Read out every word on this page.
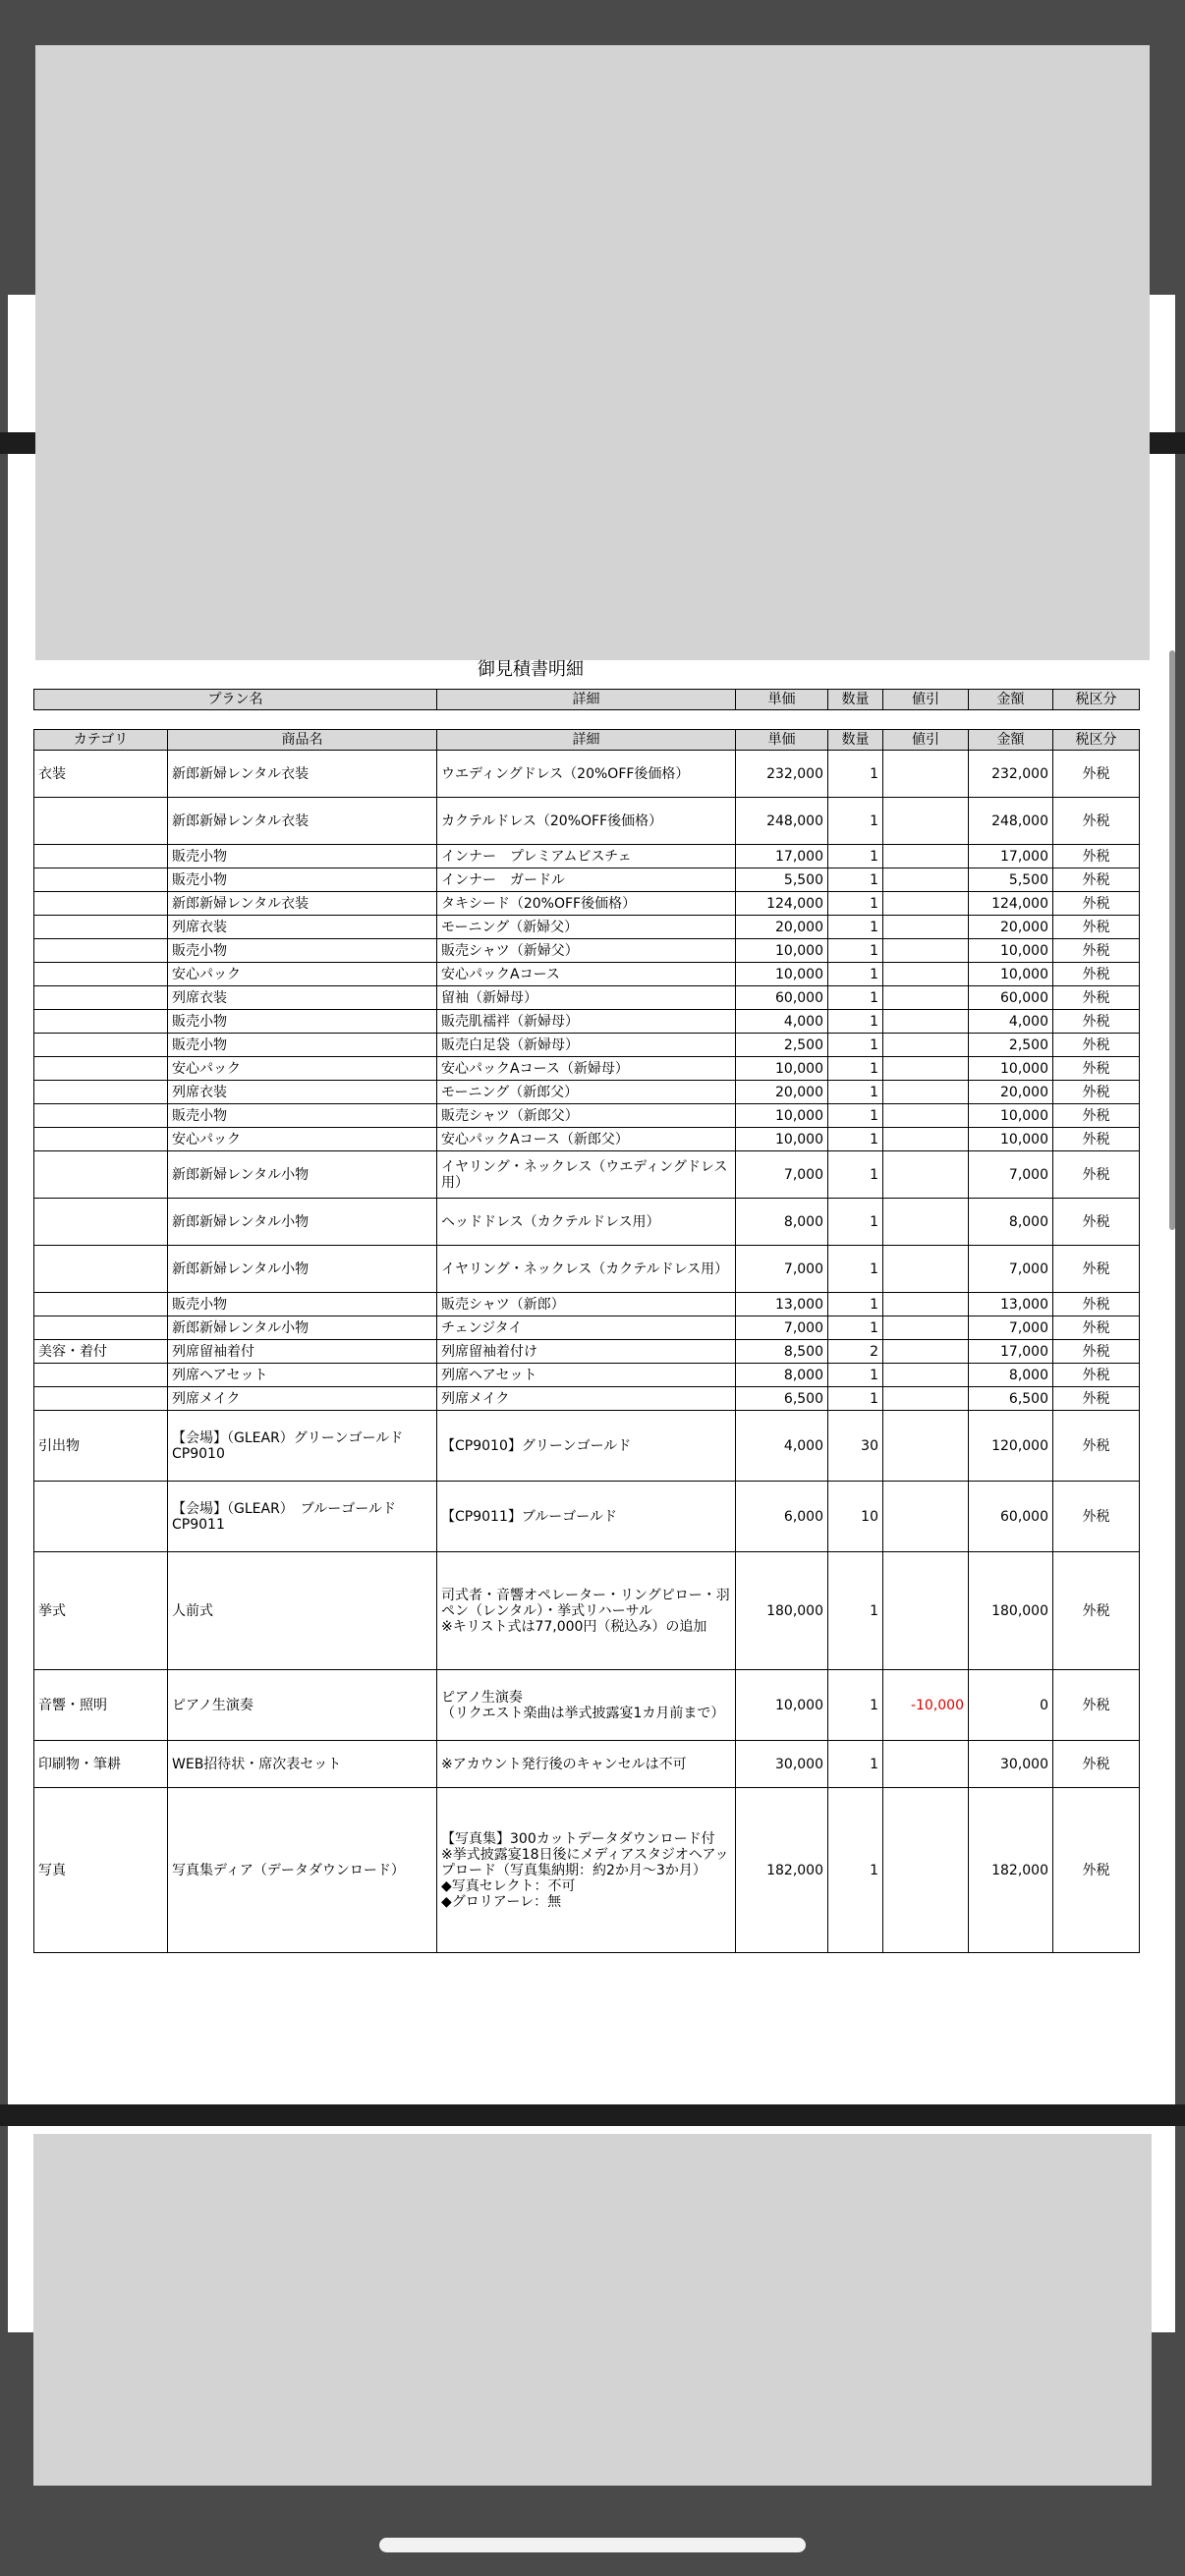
御見積書明細
プラン名	詳細	単価	数量	値引	金額	税区分
カテゴリ	商品名	詳細	単価	数量	値引	金額	税区分
衣装	新郎新婦レンタル衣装	ウエディングドレス（20%OFF後価格）	232,000	1		232,000	外税
	新郎新婦レンタル衣装	カクテルドレス（20%OFF後価格）	248,000	1		248,000	外税
	販売小物	インナー　プレミアムビスチェ	17,000	1		17,000	外税
	販売小物	インナー　ガードル	5,500	1		5,500	外税
	新郎新婦レンタル衣装	タキシード（20%OFF後価格）	124,000	1		124,000	外税
	列席衣装	モーニング（新婦父）	20,000	1		20,000	外税
	販売小物	販売シャツ（新婦父）	10,000	1		10,000	外税
	安心パック	安心パックAコース	10,000	1		10,000	外税
	列席衣装	留袖（新婦母）	60,000	1		60,000	外税
	販売小物	販売肌襦袢（新婦母）	4,000	1		4,000	外税
	販売小物	販売白足袋（新婦母）	2,500	1		2,500	外税
	安心パック	安心パックAコース（新婦母）	10,000	1		10,000	外税
	列席衣装	モーニング（新郎父）	20,000	1		20,000	外税
	販売小物	販売シャツ（新郎父）	10,000	1		10,000	外税
	安心パック	安心パックAコース（新郎父）	10,000	1		10,000	外税
	新郎新婦レンタル小物	イヤリング・ネックレス（ウエディングドレス用）	7,000	1		7,000	外税
	新郎新婦レンタル小物	ヘッドドレス（カクテルドレス用）	8,000	1		8,000	外税
	新郎新婦レンタル小物	イヤリング・ネックレス（カクテルドレス用）	7,000	1		7,000	外税
	販売小物	販売シャツ（新郎）	13,000	1		13,000	外税
	新郎新婦レンタル小物	チェンジタイ	7,000	1		7,000	外税
美容・着付	列席留袖着付	列席留袖着付け	8,500	2		17,000	外税
	列席ヘアセット	列席ヘアセット	8,000	1		8,000	外税
	列席メイク	列席メイク	6,500	1		6,500	外税
引出物	【会場】（GLEAR）グリーンゴールド　CP9010	【CP9010】グリーンゴールド	4,000	30		120,000	外税
	【会場】（GLEAR）　ブルーゴールド　CP9011	【CP9011】ブルーゴールド	6,000	10		60,000	外税
挙式	人前式	司式者・音響オペレーター・リングピロー・羽ペン（レンタル）・挙式リハーサル
※キリスト式は77,000円（税込み）の追加	180,000	1		180,000	外税
音響・照明	ピアノ生演奏	ピアノ生演奏
（リクエスト楽曲は挙式披露宴1カ月前まで）	10,000	1	-10,000	0	外税
印刷物・筆耕	WEB招待状・席次表セット	※アカウント発行後のキャンセルは不可	30,000	1		30,000	外税
写真	写真集ディア（データダウンロード）	【写真集】300カットデータダウンロード付
※挙式披露宴18日後にメディアスタジオヘアップロード（写真集納期：約2か月〜3か月）
◆写真セレクト：不可
◆グロリアーレ：無	182,000	1		182,000	外税
